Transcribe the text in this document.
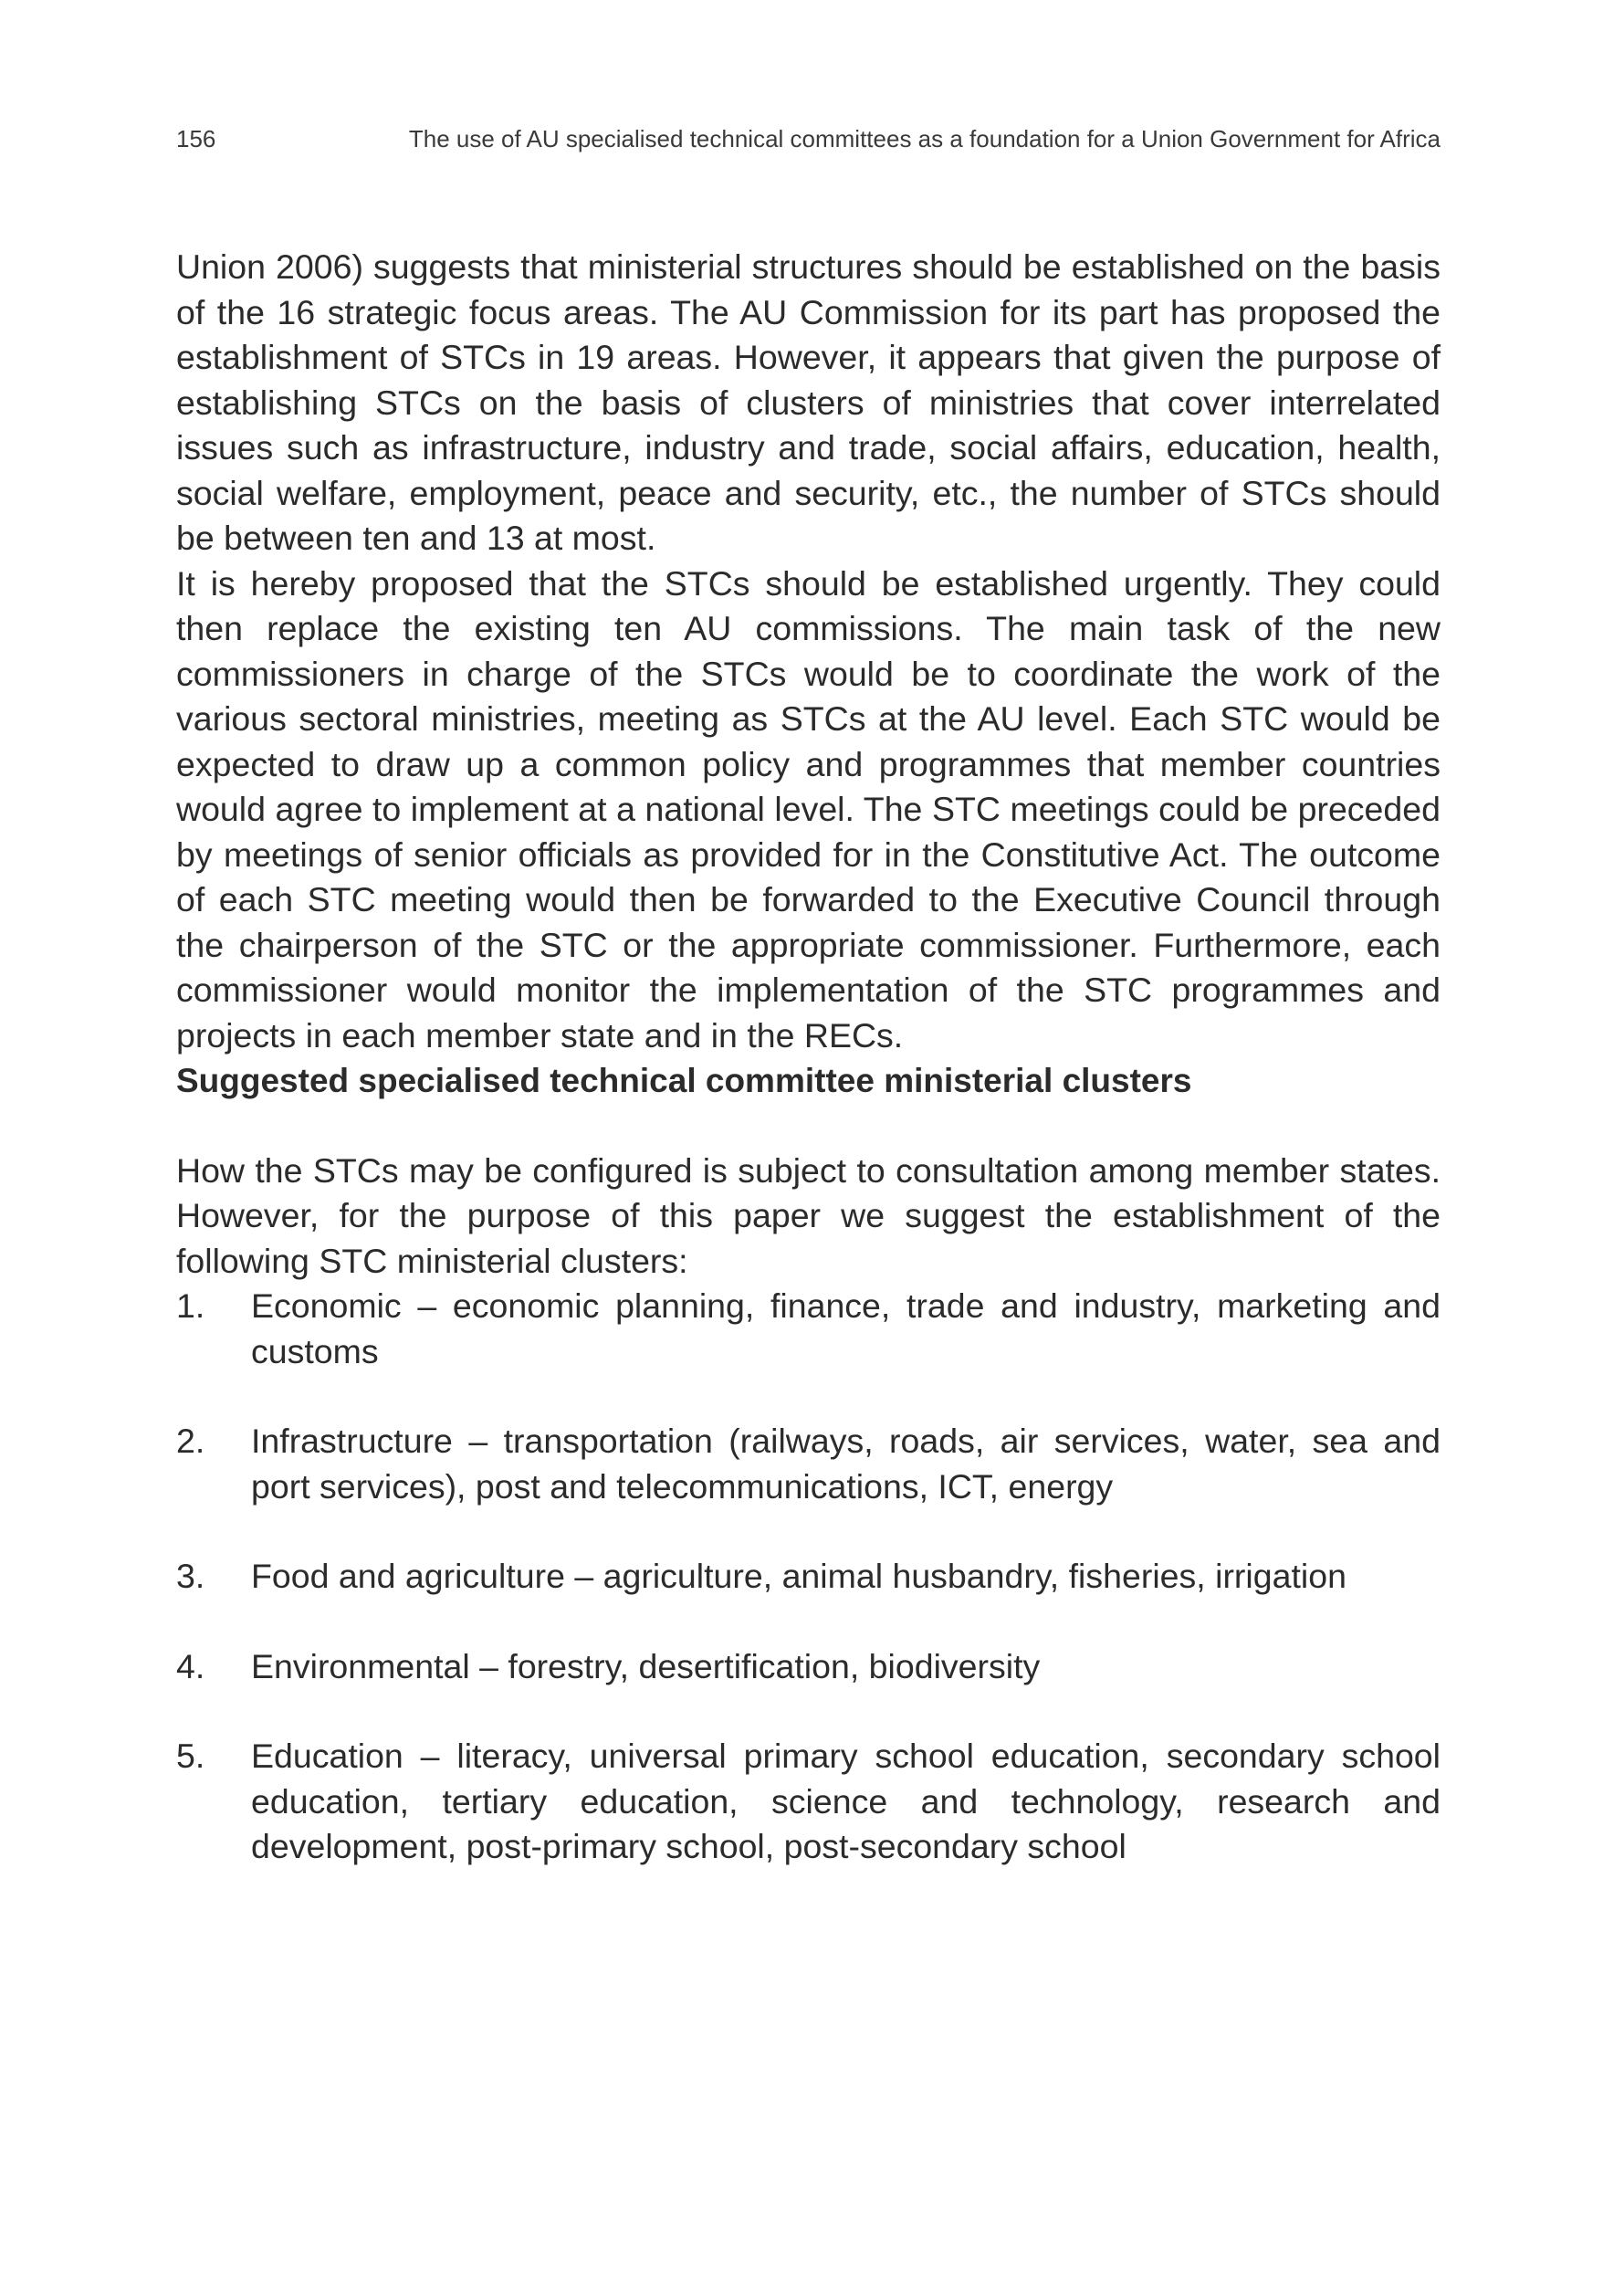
156	The use of AU specialised technical committees as a foundation for a Union Government for Africa

Union 2006) suggests that ministerial structures should be established on the basis of the 16 strategic focus areas. The AU Commission for its part has proposed the establishment of STCs in 19 areas. However, it appears that given the purpose of establishing STCs on the basis of clusters of ministries that cover interrelated issues such as infrastructure, industry and trade, social affairs, education, health, social welfare, employment, peace and security, etc., the number of STCs should be between ten and 13 at most.

It is hereby proposed that the STCs should be established urgently. They could then replace the existing ten AU commissions. The main task of the new commissioners in charge of the STCs would be to coordinate the work of the various sectoral ministries, meeting as STCs at the AU level. Each STC would be expected to draw up a common policy and programmes that member countries would agree to implement at a national level. The STC meetings could be preceded by meetings of senior officials as provided for in the Constitutive Act. The outcome of each STC meeting would then be forwarded to the Executive Council through the chairperson of the STC or the appropriate commissioner. Furthermore, each commissioner would monitor the implementation of the STC programmes and projects in each member state and in the RECs.

Suggested specialised technical committee ministerial clusters

How the STCs may be configured is subject to consultation among member states. However, for the purpose of this paper we suggest the establishment of the following STC ministerial clusters:

1. Economic – economic planning, finance, trade and industry, marketing and customs
2. Infrastructure – transportation (railways, roads, air services, water, sea and port services), post and telecommunications, ICT, energy
3. Food and agriculture – agriculture, animal husbandry, fisheries, irrigation
4. Environmental – forestry, desertification, biodiversity
5. Education – literacy, universal primary school education, secondary school education, tertiary education, science and technology, research and development, post-primary school, post-secondary school
